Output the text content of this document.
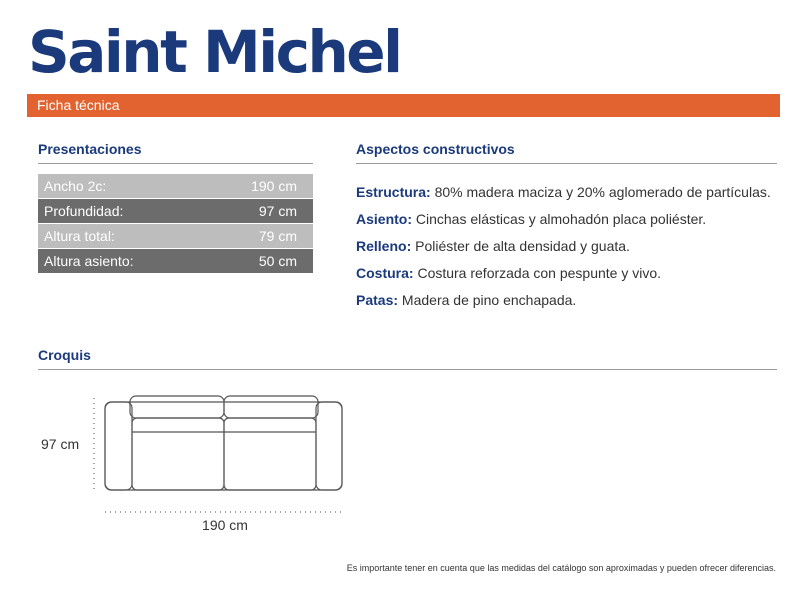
Saint Michel
Ficha técnica
Presentaciones
Ancho 2c:	190 cm
Profundidad:	97 cm
Altura total:	79 cm
Altura asiento:	50 cm
Aspectos constructivos

Estructura: 80% madera maciza y 20% aglomerado de partículas.

Asiento: Cinchas elásticas y almohadón placa poliéster.

Relleno: Poliéster de alta densidad y guata.

Costura: Costura reforzada con pespunte y vivo.

Patas: Madera de pino enchapada.

Croquis
97 cm
190 cm
Es importante tener en cuenta que las medidas del catálogo son aproximadas y pueden ofrecer diferencias.
